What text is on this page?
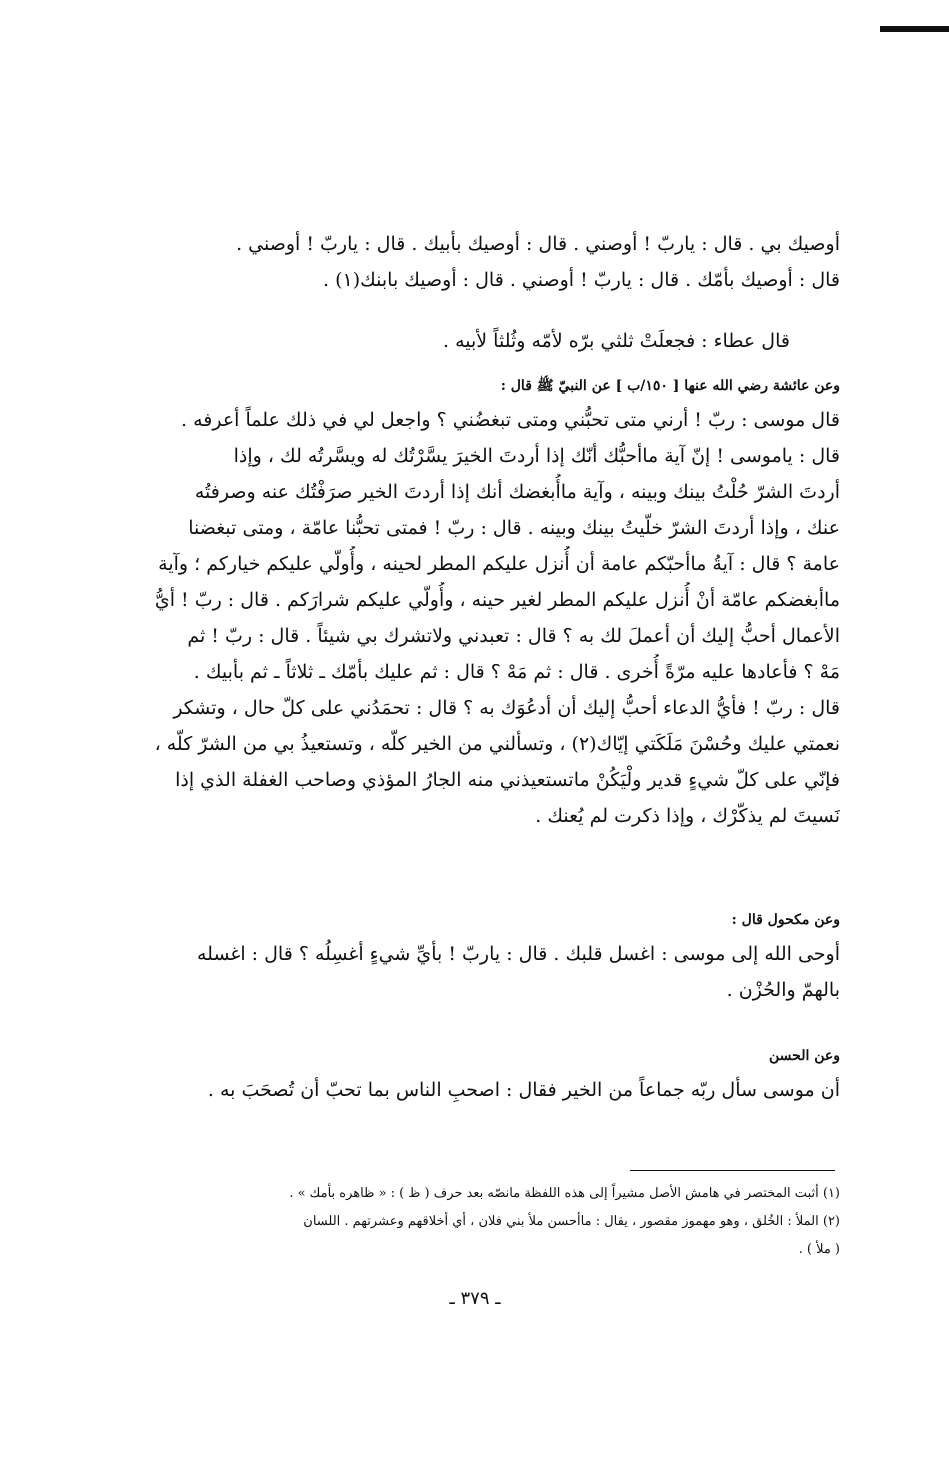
أوصيك بي . قال : ياربّ ! أوصني . قال : أوصيك بأبيك . قال : ياربّ ! أوصني .
قال : أوصيك بأمّك . قال : ياربّ ! أوصني . قال : أوصيك بابنك(١) .
قال عطاء : فجعلَتْ ثلثي برّه لأمّه وثُلثاً لأبيه .
وعن عائشة رضي الله عنها [ ١٥٠/ب ] عن النبيّ ﷺ قال :
قال موسى : ربّ ! أرني متى تحبُّني ومتى تبغضُني ؟ واجعل لي في ذلك علماً أعرفه .
قال : ياموسى ! إنّ آية ماأحبُّك أنّك إذا أردتَ الخيرَ يسَّرْتُك له ويسَّرتُه لك ، وإذا
أردتَ الشرّ حُلْتُ بينك وبينه ، وآية ماأُبغضك أنك إذا أردتَ الخير صرَفْتُك عنه وصرفتُه
عنك ، وإذا أردتَ الشرّ خلّيتُ بينك وبينه . قال : ربّ ! فمتى تحبُّنا عامّة ، ومتى تبغضنا
عامة ؟ قال : آيةُ ماأحبّكم عامة أن أُنزل عليكم المطر لحينه ، وأُولّي عليكم خياركم ؛ وآية
ماأبغضكم عامّة أنْ أُنزل عليكم المطر لغير حينه ، وأُولّي عليكم شرارَكم . قال : ربّ ! أيُّ
الأعمال أحبُّ إليك أن أعملَ لك به ؟ قال : تعبدني ولاتشرك بي شيئاً . قال : ربّ ! ثم
مَهْ ؟ فأعادها عليه مرّةً أُخرى . قال : ثم مَهْ ؟ قال : ثم عليك بأمّك ـ ثلاثاً ـ ثم بأبيك .
قال : ربّ ! فأيُّ الدعاء أحبُّ إليك أن أدعُوَك به ؟ قال : تحمَدُني على كلّ حال ، وتشكر
نعمتي عليك وحُسْنَ مَلَكَتي إيّاك(٢) ، وتسألني من الخير كلّه ، وتستعيذُ بي من الشرّ كلّه ،
فإنّي على كلّ شيءٍ قدير ولْيَكُنْ ماتستعيذني منه الجارُ المؤذي وصاحب الغفلة الذي إذا
نَسيتَ لم يذكّرْك ، وإذا ذكرت لم يُعنك .
وعن مكحول قال :
أوحى الله إلى موسى : اغسل قلبك . قال : ياربّ ! بأيِّ شيءٍ أغسِلُه ؟ قال : اغسله
بالهمّ والحُزْن .
وعن الحسن
أن موسى سأل ربّه جماعاً من الخير فقال : اصحبِ الناس بما تحبّ أن تُصحَبَ به .
(١) أثبت المختصر في هامش الأصل مشيراً إلى هذه اللفظة مانصّه بعد حرف ( ظ ) : « ظاهره بأمك » .
(٢) الملأ : الخُلق ، وهو مهموز مقصور ، يقال : ماأحسن ملأ بني فلان ، أي أخلاقهم وعشرتهم . اللسان
( ملأ ) .
ـ ٣٧٩ ـ
